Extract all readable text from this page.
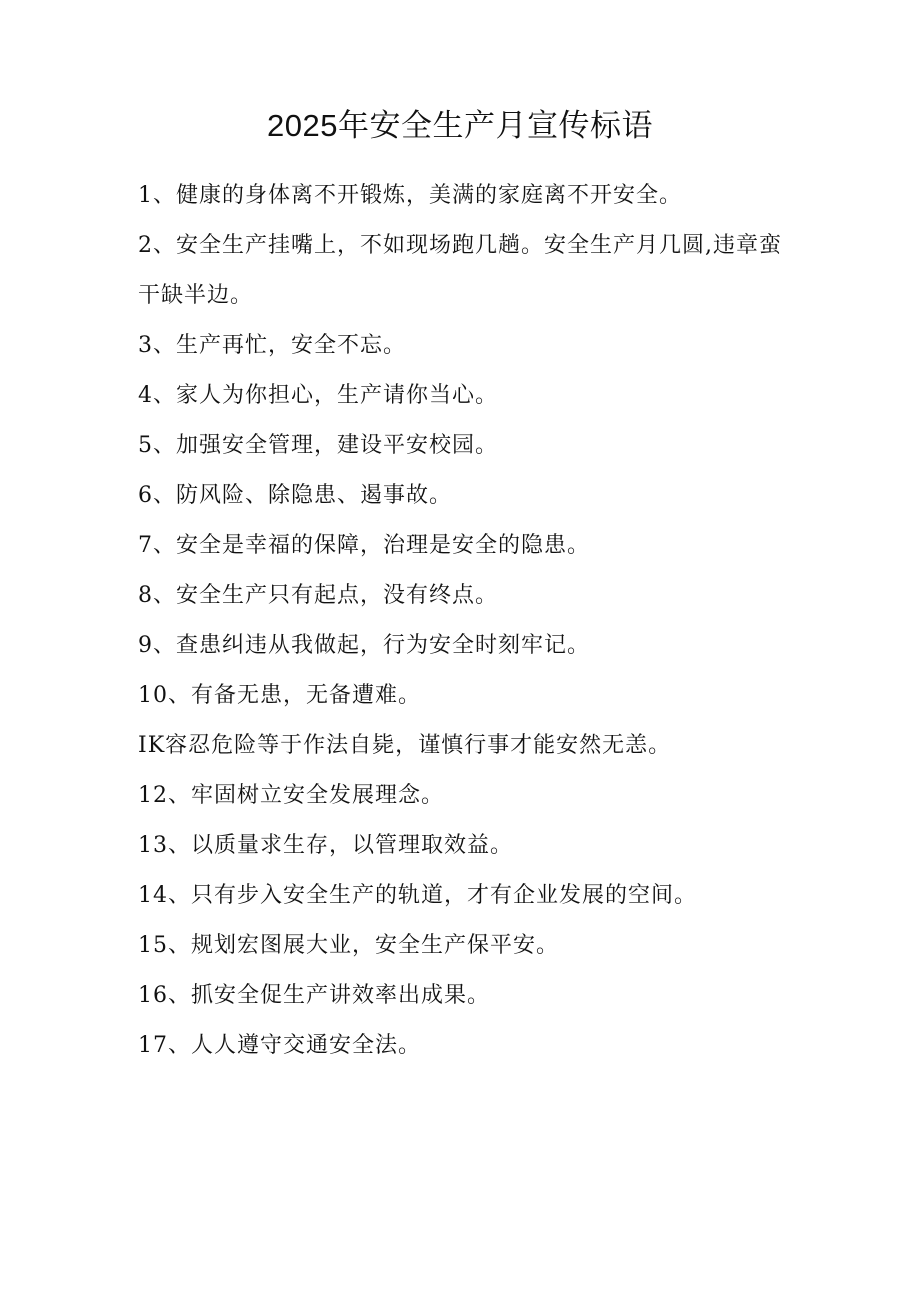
2025年安全生产月宣传标语

1、健康的身体离不开锻炼，美满的家庭离不开安全。

2、安全生产挂嘴上，不如现场跑几趟。安全生产月几圆,违章蛮干缺半边。

3、生产再忙，安全不忘。

4、家人为你担心，生产请你当心。

5、加强安全管理，建设平安校园。

6、防风险、除隐患、遏事故。

7、安全是幸福的保障，治理是安全的隐患。

8、安全生产只有起点，没有终点。

9、查患纠违从我做起，行为安全时刻牢记。

10、有备无患，无备遭难。

IK容忍危险等于作法自毙，谨慎行事才能安然无恙。

12、牢固树立安全发展理念。

13、以质量求生存，以管理取效益。

14、只有步入安全生产的轨道，才有企业发展的空间。

15、规划宏图展大业，安全生产保平安。

16、抓安全促生产讲效率出成果。

17、人人遵守交通安全法。
